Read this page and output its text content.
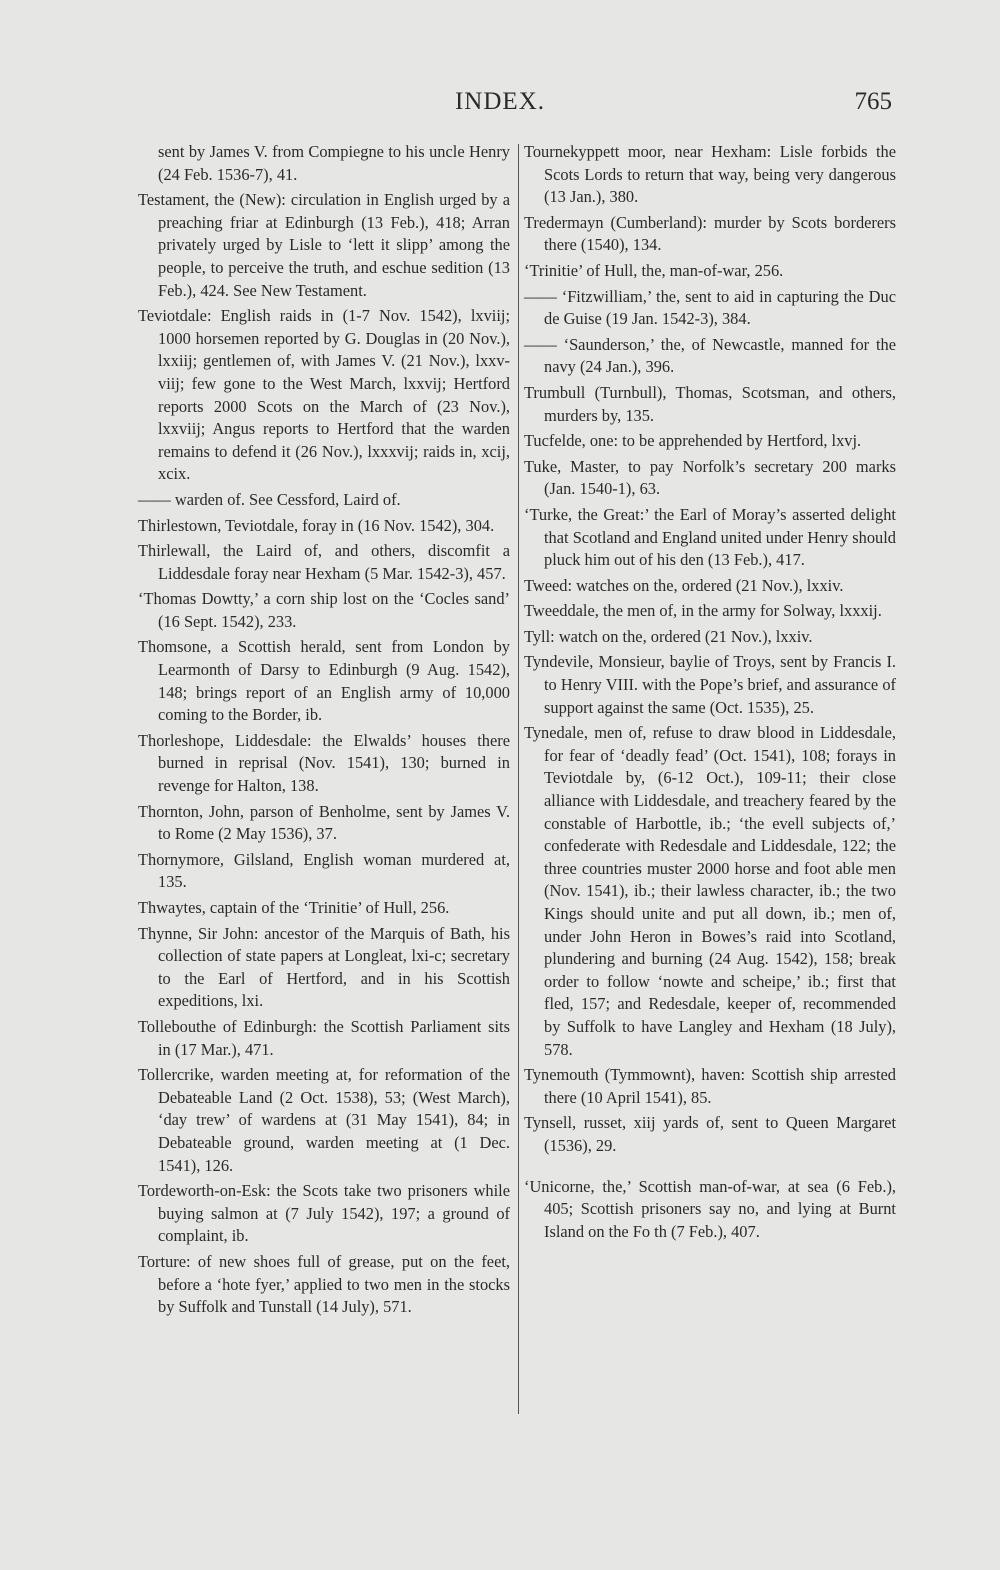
INDEX.	765

sent by James V. from Compiegne to his uncle Henry (24 Feb. 1536-7), 41.

Testament, the (New): circulation in English urged by a preaching friar at Edinburgh (13 Feb.), 418; Arran privately urged by Lisle to ‘lett it slipp’ among the people, to perceive the truth, and eschue sedition (13 Feb.), 424. See New Testament.

Teviotdale: English raids in (1-7 Nov. 1542), lxviij; 1000 horsemen reported by G. Douglas in (20 Nov.), lxxiij; gentlemen of, with James V. (21 Nov.), lxxv-viij; few gone to the West March, lxxvij; Hertford reports 2000 Scots on the March of (23 Nov.), lxxviij; Angus reports to Hertford that the warden remains to defend it (26 Nov.), lxxxvij; raids in, xcij, xcix.

—— warden of. See Cessford, Laird of.

Thirlestown, Teviotdale, foray in (16 Nov. 1542), 304.

Thirlewall, the Laird of, and others, discomfit a Liddesdale foray near Hexham (5 Mar. 1542-3), 457.

‘Thomas Dowtty,’ a corn ship lost on the ‘Cocles sand’ (16 Sept. 1542), 233.

Thomsone, a Scottish herald, sent from London by Learmonth of Darsy to Edinburgh (9 Aug. 1542), 148; brings report of an English army of 10,000 coming to the Border, ib.

Thorleshope, Liddesdale: the Elwalds’ houses there burned in reprisal (Nov. 1541), 130; burned in revenge for Halton, 138.

Thornton, John, parson of Benholme, sent by James V. to Rome (2 May 1536), 37.

Thornymore, Gilsland, English woman murdered at, 135.

Thwaytes, captain of the ‘Trinitie’ of Hull, 256.

Thynne, Sir John: ancestor of the Marquis of Bath, his collection of state papers at Longleat, lxi-c; secretary to the Earl of Hertford, and in his Scottish expeditions, lxi.

Tollebouthe of Edinburgh: the Scottish Parliament sits in (17 Mar.), 471.

Tollercrike, warden meeting at, for reformation of the Debateable Land (2 Oct. 1538), 53; (West March), ‘day trew’ of wardens at (31 May 1541), 84; in Debateable ground, warden meeting at (1 Dec. 1541), 126.

Tordeworth-on-Esk: the Scots take two prisoners while buying salmon at (7 July 1542), 197; a ground of complaint, ib.

Torture: of new shoes full of grease, put on the feet, before a ‘hote fyer,’ applied to two men in the stocks by Suffolk and Tunstall (14 July), 571.

Tournekyppett moor, near Hexham: Lisle forbids the Scots Lords to return that way, being very dangerous (13 Jan.), 380.

Tredermayn (Cumberland): murder by Scots borderers there (1540), 134.

‘Trinitie’ of Hull, the, man-of-war, 256.

—— ‘Fitzwilliam,’ the, sent to aid in capturing the Duc de Guise (19 Jan. 1542-3), 384.

—— ‘Saunderson,’ the, of Newcastle, manned for the navy (24 Jan.), 396.

Trumbull (Turnbull), Thomas, Scotsman, and others, murders by, 135.

Tucfelde, one: to be apprehended by Hertford, lxvj.

Tuke, Master, to pay Norfolk’s secretary 200 marks (Jan. 1540-1), 63.

‘Turke, the Great:’ the Earl of Moray’s asserted delight that Scotland and England united under Henry should pluck him out of his den (13 Feb.), 417.

Tweed: watches on the, ordered (21 Nov.), lxxiv.

Tweeddale, the men of, in the army for Solway, lxxxij.

Tyll: watch on the, ordered (21 Nov.), lxxiv.

Tyndevile, Monsieur, baylie of Troys, sent by Francis I. to Henry VIII. with the Pope’s brief, and assurance of support against the same (Oct. 1535), 25.

Tynedale, men of, refuse to draw blood in Liddesdale, for fear of ‘deadly fead’ (Oct. 1541), 108; forays in Teviotdale by, (6-12 Oct.), 109-11; their close alliance with Liddesdale, and treachery feared by the constable of Harbottle, ib.; ‘the evell subjects of,’ confederate with Redesdale and Liddesdale, 122; the three countries muster 2000 horse and foot able men (Nov. 1541), ib.; their lawless character, ib.; the two Kings should unite and put all down, ib.; men of, under John Heron in Bowes’s raid into Scotland, plundering and burning (24 Aug. 1542), 158; break order to follow ‘nowte and scheipe,’ ib.; first that fled, 157; and Redesdale, keeper of, recommended by Suffolk to have Langley and Hexham (18 July), 578.

Tynemouth (Tymmownt), haven: Scottish ship arrested there (10 April 1541), 85.

Tynsell, russet, xiij yards of, sent to Queen Margaret (1536), 29.

‘Unicorne, the,’ Scottish man-of-war, at sea (6 Feb.), 405; Scottish prisoners say no, and lying at Burnt Island on the Fo th (7 Feb.), 407.
